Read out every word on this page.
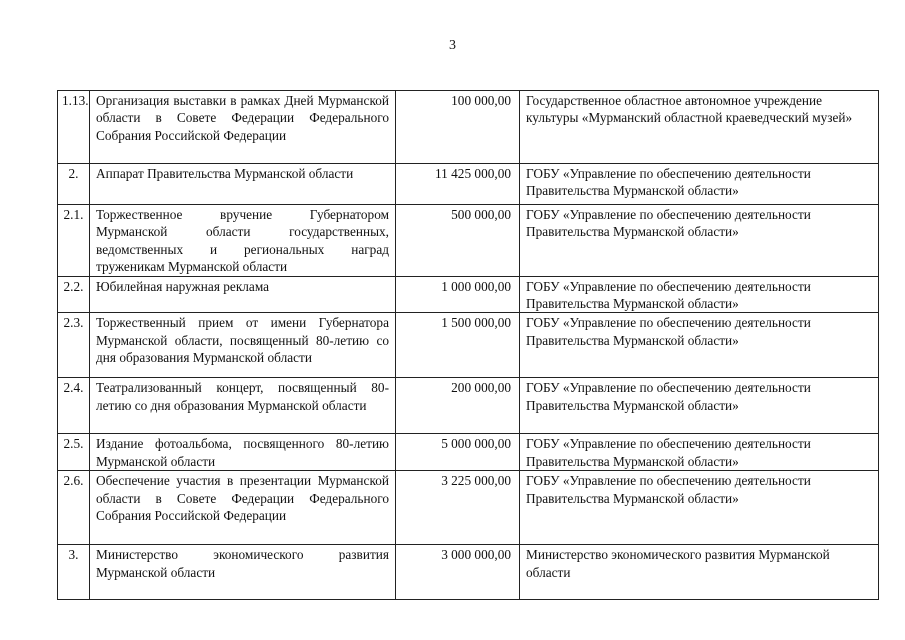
3
1.13.	Организация выставки в рамках Дней Мурманской области в Совете Федерации Федерального Собрания Российской Федерации	100 000,00	Государственное областное автономное учреждение культуры «Мурманский областной краеведческий музей»
2.	Аппарат Правительства Мурманской области	11 425 000,00	ГОБУ «Управление по обеспечению деятельности Правительства Мурманской области»
2.1.	Торжественное вручение Губернатором Мурманской области государственных, ведомственных и региональных наград труженикам Мурманской области	500 000,00	ГОБУ «Управление по обеспечению деятельности Правительства Мурманской области»
2.2.	Юбилейная наружная реклама	1 000 000,00	ГОБУ «Управление по обеспечению деятельности Правительства Мурманской области»
2.3.	Торжественный прием от имени Губернатора Мурманской области, посвященный 80-летию со дня образования Мурманской области	1 500 000,00	ГОБУ «Управление по обеспечению деятельности Правительства Мурманской области»
2.4.	Театрализованный концерт, посвященный 80-летию со дня образования Мурманской области	200 000,00	ГОБУ «Управление по обеспечению деятельности Правительства Мурманской области»
2.5.	Издание фотоальбома, посвященного 80-летию Мурманской области	5 000 000,00	ГОБУ «Управление по обеспечению деятельности Правительства Мурманской области»
2.6.	Обеспечение участия в презентации Мурманской области в Совете Федерации Федерального Собрания Российской Федерации	3 225 000,00	ГОБУ «Управление по обеспечению деятельности Правительства Мурманской области»
3.	Министерство экономического развития Мурманской области	3 000 000,00	Министерство экономического развития Мурманской области
